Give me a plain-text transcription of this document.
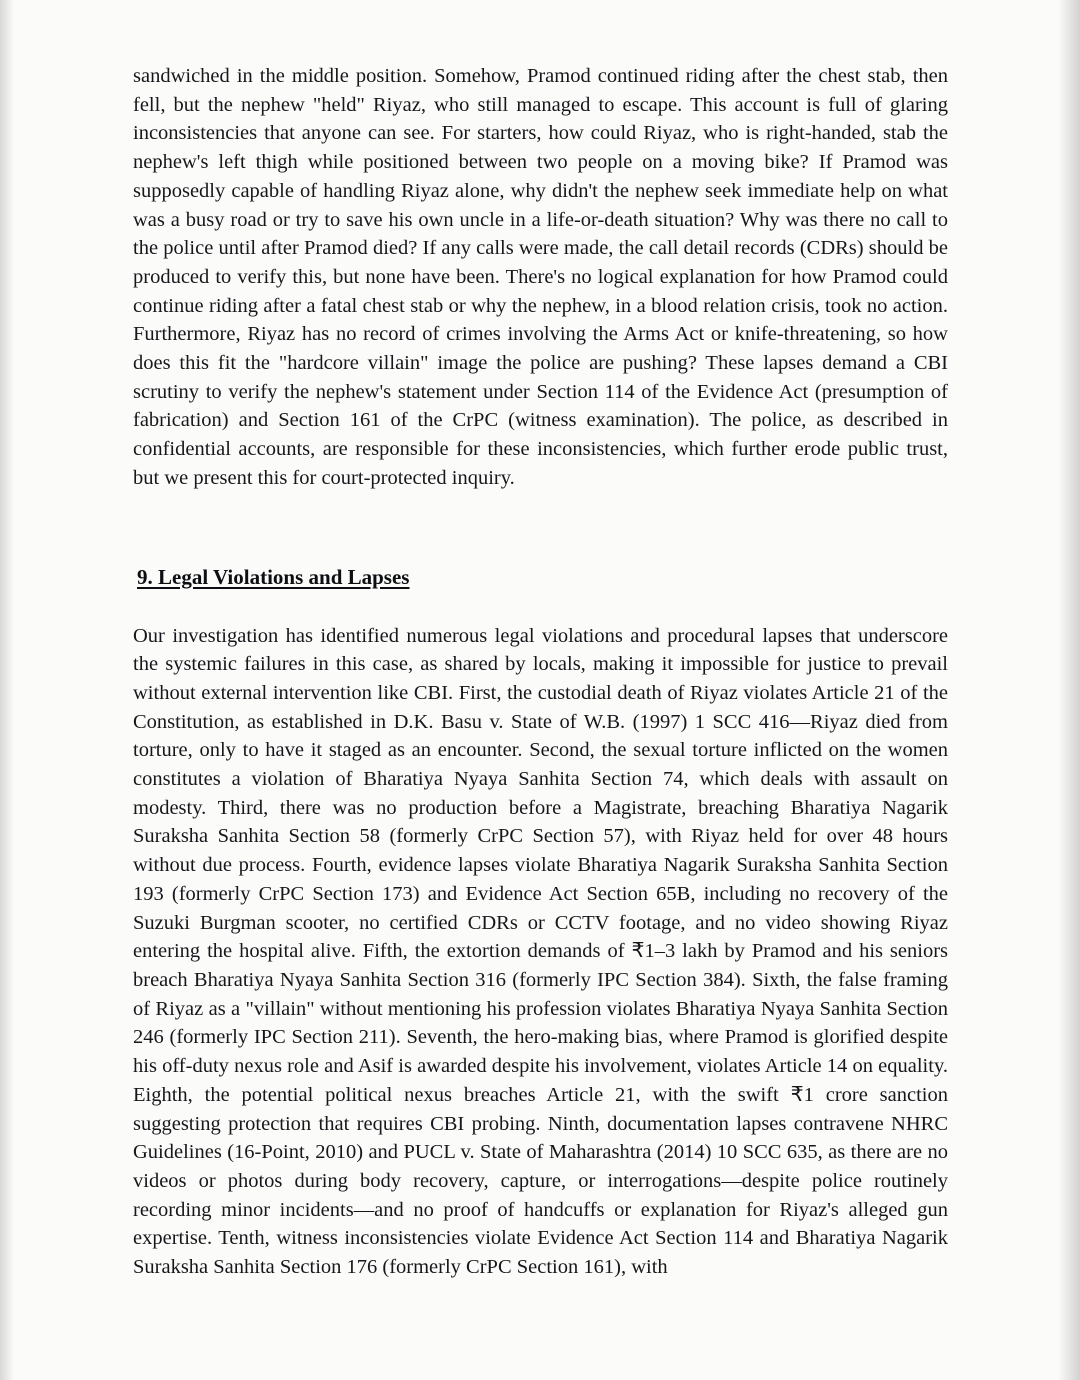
sandwiched in the middle position. Somehow, Pramod continued riding after the chest stab, then fell, but the nephew "held" Riyaz, who still managed to escape. This account is full of glaring inconsistencies that anyone can see. For starters, how could Riyaz, who is right-handed, stab the nephew's left thigh while positioned between two people on a moving bike? If Pramod was supposedly capable of handling Riyaz alone, why didn't the nephew seek immediate help on what was a busy road or try to save his own uncle in a life-or-death situation? Why was there no call to the police until after Pramod died? If any calls were made, the call detail records (CDRs) should be produced to verify this, but none have been. There's no logical explanation for how Pramod could continue riding after a fatal chest stab or why the nephew, in a blood relation crisis, took no action. Furthermore, Riyaz has no record of crimes involving the Arms Act or knife-threatening, so how does this fit the "hardcore villain" image the police are pushing? These lapses demand a CBI scrutiny to verify the nephew's statement under Section 114 of the Evidence Act (presumption of fabrication) and Section 161 of the CrPC (witness examination). The police, as described in confidential accounts, are responsible for these inconsistencies, which further erode public trust, but we present this for court-protected inquiry.

9. Legal Violations and Lapses

Our investigation has identified numerous legal violations and procedural lapses that underscore the systemic failures in this case, as shared by locals, making it impossible for justice to prevail without external intervention like CBI. First, the custodial death of Riyaz violates Article 21 of the Constitution, as established in D.K. Basu v. State of W.B. (1997) 1 SCC 416—Riyaz died from torture, only to have it staged as an encounter. Second, the sexual torture inflicted on the women constitutes a violation of Bharatiya Nyaya Sanhita Section 74, which deals with assault on modesty. Third, there was no production before a Magistrate, breaching Bharatiya Nagarik Suraksha Sanhita Section 58 (formerly CrPC Section 57), with Riyaz held for over 48 hours without due process. Fourth, evidence lapses violate Bharatiya Nagarik Suraksha Sanhita Section 193 (formerly CrPC Section 173) and Evidence Act Section 65B, including no recovery of the Suzuki Burgman scooter, no certified CDRs or CCTV footage, and no video showing Riyaz entering the hospital alive. Fifth, the extortion demands of ₹1–3 lakh by Pramod and his seniors breach Bharatiya Nyaya Sanhita Section 316 (formerly IPC Section 384). Sixth, the false framing of Riyaz as a "villain" without mentioning his profession violates Bharatiya Nyaya Sanhita Section 246 (formerly IPC Section 211). Seventh, the hero-making bias, where Pramod is glorified despite his off-duty nexus role and Asif is awarded despite his involvement, violates Article 14 on equality. Eighth, the potential political nexus breaches Article 21, with the swift ₹1 crore sanction suggesting protection that requires CBI probing. Ninth, documentation lapses contravene NHRC Guidelines (16-Point, 2010) and PUCL v. State of Maharashtra (2014) 10 SCC 635, as there are no videos or photos during body recovery, capture, or interrogations—despite police routinely recording minor incidents—and no proof of handcuffs or explanation for Riyaz's alleged gun expertise. Tenth, witness inconsistencies violate Evidence Act Section 114 and Bharatiya Nagarik Suraksha Sanhita Section 176 (formerly CrPC Section 161), with
